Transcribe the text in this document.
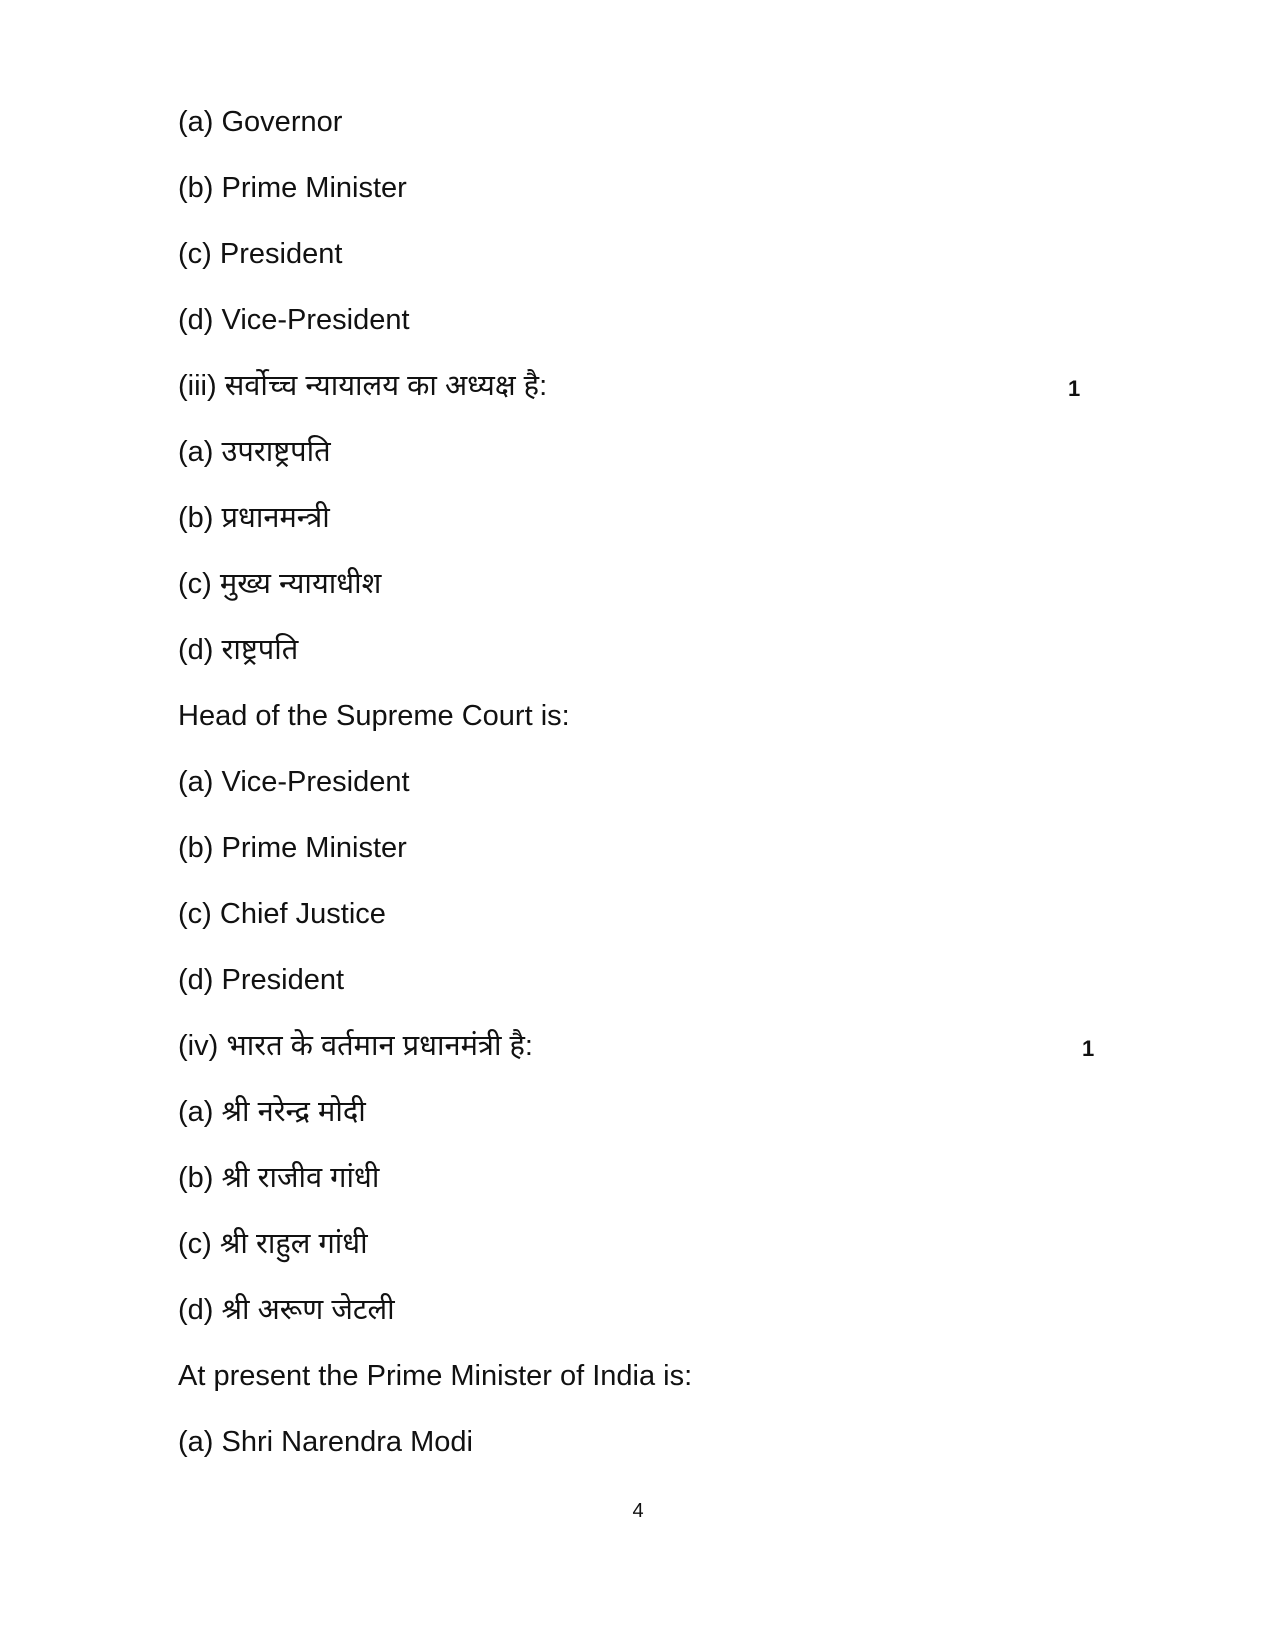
(a) Governor
(b) Prime Minister
(c) President
(d) Vice-President
(iii) सर्वोच्च न्यायालय का अध्यक्ष है:	1
(a) उपराष्ट्रपति
(b) प्रधानमन्त्री
(c) मुख्य न्यायाधीश
(d) राष्ट्रपति
Head of the Supreme Court is:
(a) Vice-President
(b) Prime Minister
(c) Chief Justice
(d) President
(iv) भारत के वर्तमान प्रधानमंत्री है:	1
(a) श्री नरेन्द्र मोदी
(b) श्री राजीव गांधी
(c) श्री राहुल गांधी
(d) श्री अरूण जेटली
At present the Prime Minister of India is:
(a) Shri Narendra Modi
4
